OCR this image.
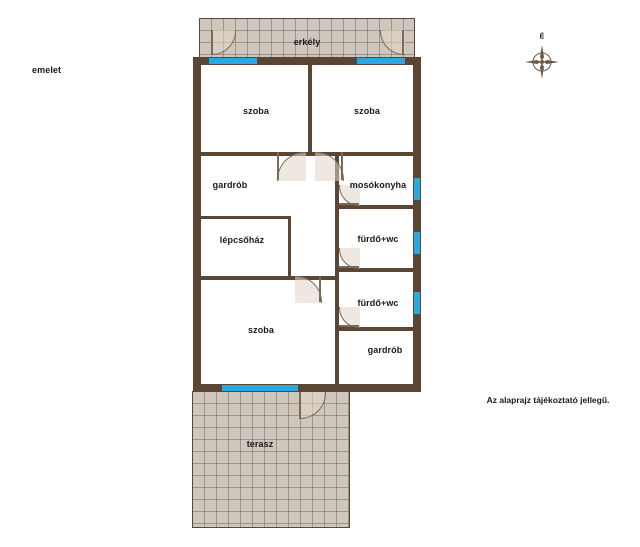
erkély
szoba	szoba
gardrób	mosókonyha
lépcsőház	fürdő+wc
fürdő+wc
szoba
gardrób
terasz
emelet
Az alaprajz tájékoztató jellegű.
É
